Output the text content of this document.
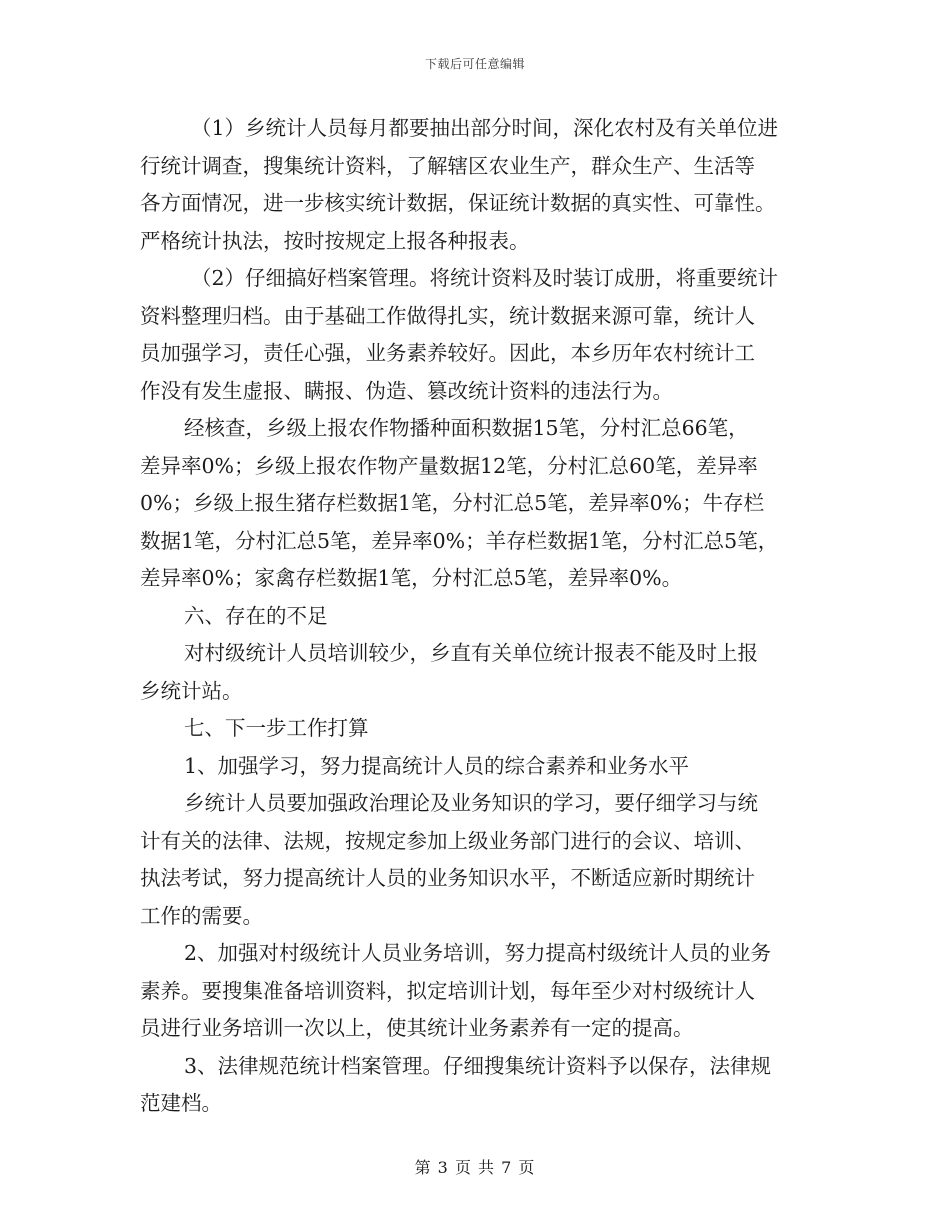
下载后可任意编辑
（1）乡统计人员每月都要抽出部分时间，深化农村及有关单位进
行统计调查，搜集统计资料，了解辖区农业生产，群众生产、生活等
各方面情况，进一步核实统计数据，保证统计数据的真实性、可靠性。
严格统计执法，按时按规定上报各种报表。
（2）仔细搞好档案管理。将统计资料及时装订成册，将重要统计
资料整理归档。由于基础工作做得扎实，统计数据来源可靠，统计人
员加强学习，责任心强，业务素养较好。因此，本乡历年农村统计工
作没有发生虚报、瞒报、伪造、篡改统计资料的违法行为。
经核查，乡级上报农作物播种面积数据15笔，分村汇总66笔，
差异率0%；乡级上报农作物产量数据12笔，分村汇总60笔，差异率
0%；乡级上报生猪存栏数据1笔，分村汇总5笔，差异率0%；牛存栏
数据1笔，分村汇总5笔，差异率0%；羊存栏数据1笔，分村汇总5笔，
差异率0%；家禽存栏数据1笔，分村汇总5笔，差异率0%。
六、存在的不足
对村级统计人员培训较少，乡直有关单位统计报表不能及时上报
乡统计站。
七、下一步工作打算
1、加强学习，努力提高统计人员的综合素养和业务水平
乡统计人员要加强政治理论及业务知识的学习，要仔细学习与统
计有关的法律、法规，按规定参加上级业务部门进行的会议、培训、
执法考试，努力提高统计人员的业务知识水平，不断适应新时期统计
工作的需要。
2、加强对村级统计人员业务培训，努力提高村级统计人员的业务
素养。要搜集准备培训资料，拟定培训计划，每年至少对村级统计人
员进行业务培训一次以上，使其统计业务素养有一定的提高。
3、法律规范统计档案管理。仔细搜集统计资料予以保存，法律规
范建档。
第 3 页 共 7 页
